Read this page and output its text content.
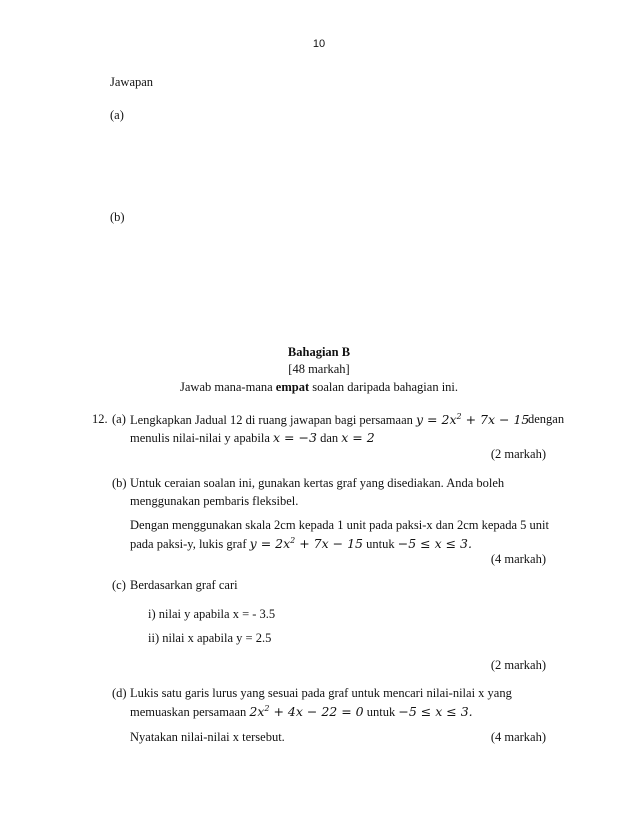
10
Jawapan
(a)
(b)
Bahagian B
[48 markah]
Jawab mana-mana empat soalan daripada bahagian ini.
12. (a) Lengkapkan Jadual 12 di ruang jawapan bagi persamaan $y = 2x^2 + 7x - 15$
dengan
menulis nilai-nilai y apabila x = −3 dan x = 2
(2 markah)
(b) Untuk ceraian soalan ini, gunakan kertas graf yang disediakan. Anda boleh
menggunakan pembaris fleksibel.
Dengan menggunakan skala 2cm kepada 1 unit pada paksi-x dan 2cm kepada 5 unit
pada paksi-y, lukis graf $y = 2x^2 + 7x - 15$ untuk −5 ≤ x ≤ 3.
(4 markah)
(c) Berdasarkan graf cari
i) nilai y apabila x = - 3.5
ii) nilai x apabila y = 2.5
(2 markah)
(d) Lukis satu garis lurus yang sesuai pada graf untuk mencari nilai-nilai x yang
memuaskan persamaan $2x^2 + 4x - 22 = 0$ untuk −5 ≤ x ≤ 3.
Nyatakan nilai-nilai x tersebut.	(4 markah)
